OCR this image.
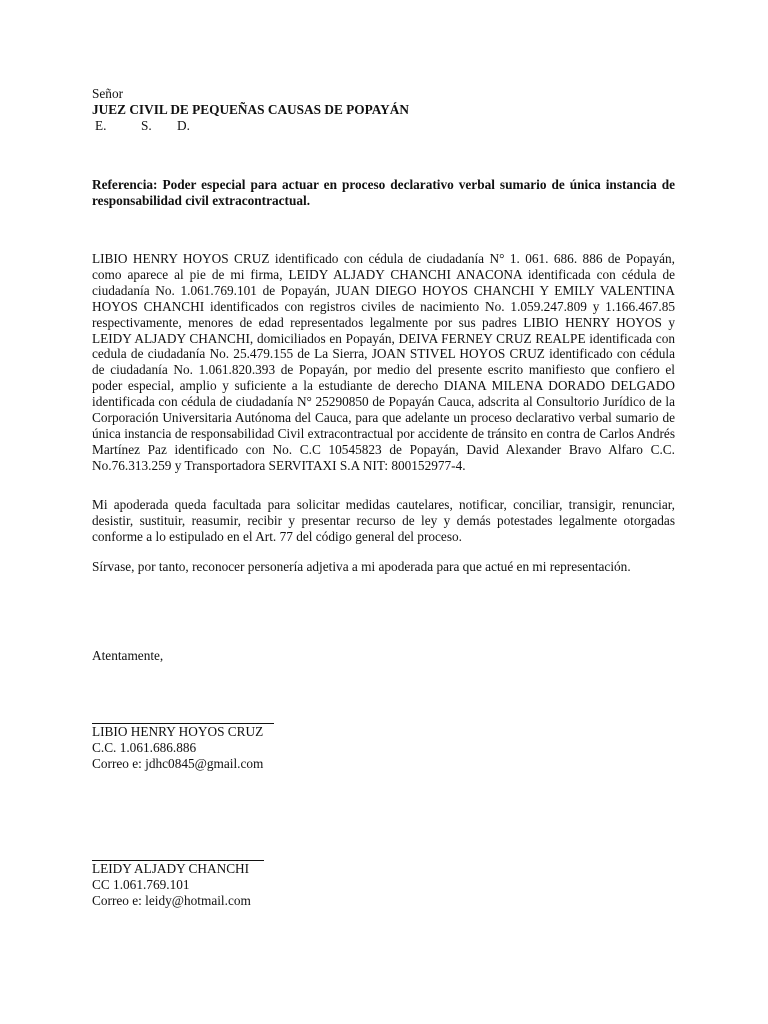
Señor
JUEZ CIVIL DE PEQUEÑAS CAUSAS DE POPAYÁN
E.	S. D.
Referencia: Poder especial para actuar en proceso declarativo verbal sumario de única instancia de responsabilidad civil extracontractual.
LIBIO HENRY HOYOS CRUZ identificado con cédula de ciudadanía N° 1. 061. 686. 886 de Popayán, como aparece al pie de mi firma, LEIDY ALJADY CHANCHI ANACONA identificada con cédula de ciudadanía No. 1.061.769.101 de Popayán, JUAN DIEGO HOYOS CHANCHI Y EMILY VALENTINA HOYOS CHANCHI identificados con registros civiles de nacimiento No. 1.059.247.809 y 1.166.467.85 respectivamente, menores de edad representados legalmente por sus padres LIBIO HENRY HOYOS y LEIDY ALJADY CHANCHI, domiciliados en Popayán, DEIVA FERNEY CRUZ REALPE identificada con cedula de ciudadanía No. 25.479.155 de La Sierra, JOAN STIVEL HOYOS CRUZ identificado con cédula de ciudadanía No. 1.061.820.393 de Popayán, por medio del presente escrito manifiesto que confiero el poder especial, amplio y suficiente a la estudiante de derecho DIANA MILENA DORADO DELGADO identificada con cédula de ciudadanía N° 25290850 de Popayán Cauca, adscrita al Consultorio Jurídico de la Corporación Universitaria Autónoma del Cauca, para que adelante un proceso declarativo verbal sumario de única instancia de responsabilidad Civil extracontractual por accidente de tránsito en contra de Carlos Andrés Martínez Paz identificado con No. C.C 10545823 de Popayán, David Alexander Bravo Alfaro C.C. No.76.313.259 y Transportadora SERVITAXI S.A NIT: 800152977-4.
Mi apoderada queda facultada para solicitar medidas cautelares, notificar, conciliar, transigir, renunciar, desistir, sustituir, reasumir, recibir y presentar recurso de ley y demás potestades legalmente otorgadas conforme a lo estipulado en el Art. 77 del código general del proceso.
Sírvase, por tanto, reconocer personería adjetiva a mi apoderada para que actué en mi representación.
Atentamente,
LIBIO HENRY HOYOS CRUZ
C.C. 1.061.686.886
Correo e: jdhc0845@gmail.com
LEIDY ALJADY CHANCHI
CC 1.061.769.101
Correo e: leidy@hotmail.com
